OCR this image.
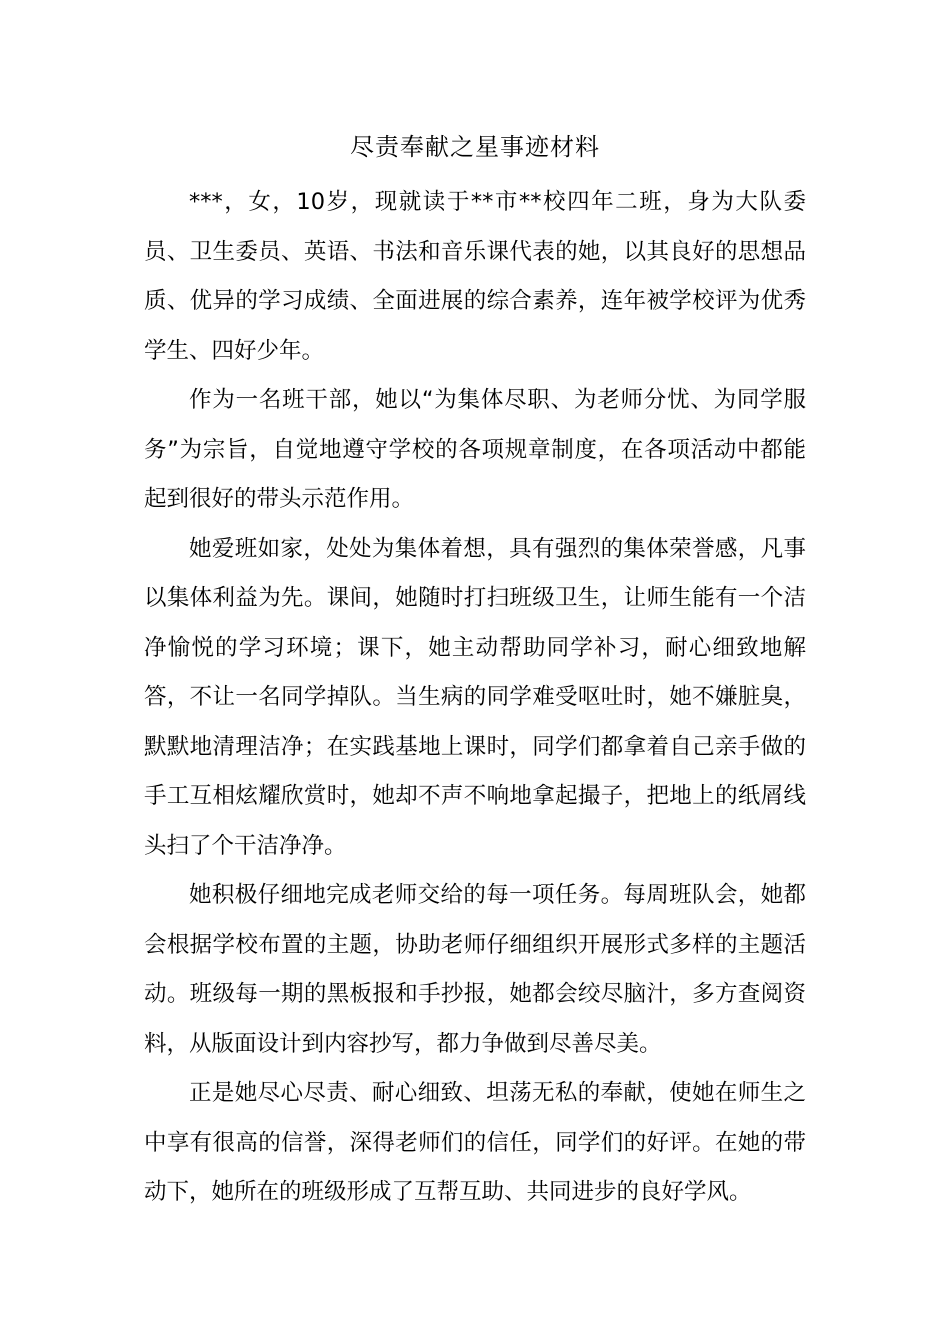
尽责奉献之星事迹材料

***，女，10岁，现就读于**市**校四年二班，身为大队委员、卫生委员、英语、书法和音乐课代表的她，以其良好的思想品质、优异的学习成绩、全面进展的综合素养，连年被学校评为优秀学生、四好少年。

作为一名班干部，她以“为集体尽职、为老师分忧、为同学服务”为宗旨，自觉地遵守学校的各项规章制度，在各项活动中都能起到很好的带头示范作用。

她爱班如家，处处为集体着想，具有强烈的集体荣誉感，凡事以集体利益为先。课间，她随时打扫班级卫生，让师生能有一个洁净愉悦的学习环境；课下，她主动帮助同学补习，耐心细致地解答，不让一名同学掉队。当生病的同学难受呕吐时，她不嫌脏臭，默默地清理洁净；在实践基地上课时，同学们都拿着自己亲手做的手工互相炫耀欣赏时，她却不声不响地拿起撮子，把地上的纸屑线头扫了个干洁净净。

她积极仔细地完成老师交给的每一项任务。每周班队会，她都会根据学校布置的主题，协助老师仔细组织开展形式多样的主题活动。班级每一期的黑板报和手抄报，她都会绞尽脑汁，多方查阅资料，从版面设计到内容抄写，都力争做到尽善尽美。

正是她尽心尽责、耐心细致、坦荡无私的奉献，使她在师生之中享有很高的信誉，深得老师们的信任，同学们的好评。在她的带动下，她所在的班级形成了互帮互助、共同进步的良好学风。
